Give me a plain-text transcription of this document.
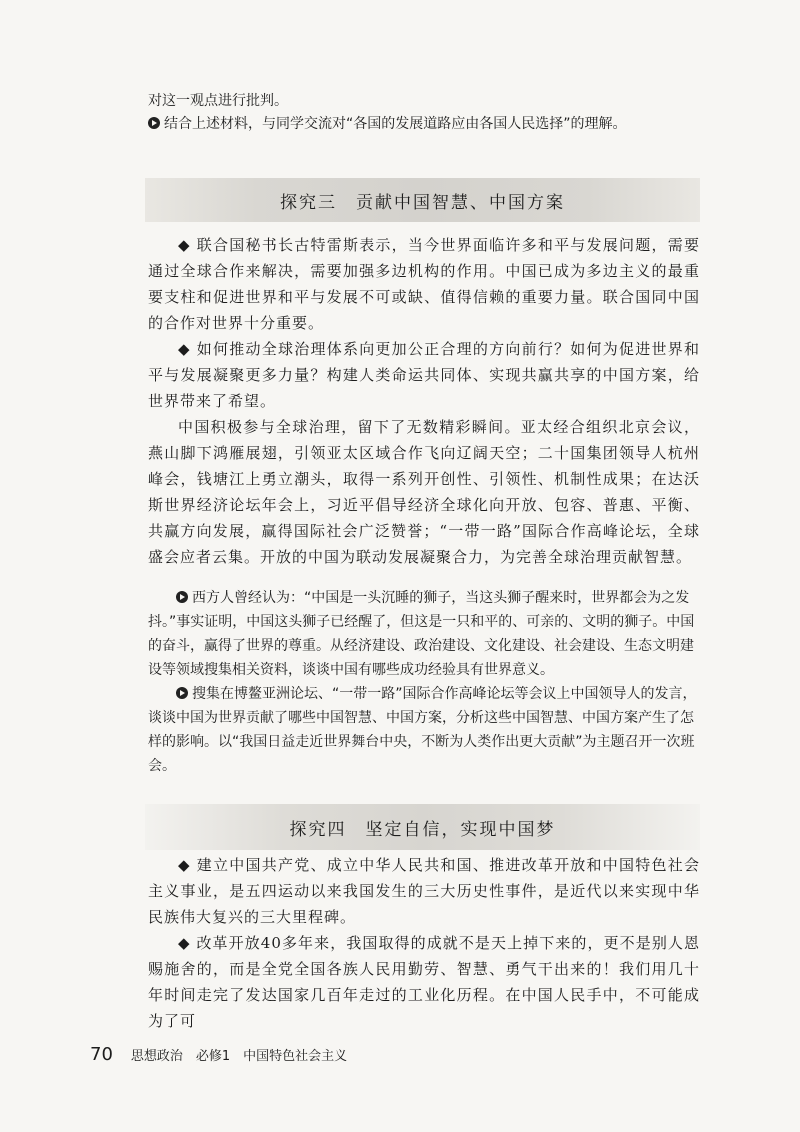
对这一观点进行批判。
结合上述材料，与同学交流对“各国的发展道路应由各国人民选择”的理解。
探究三　贡献中国智慧、中国方案

◆ 联合国秘书长古特雷斯表示，当今世界面临许多和平与发展问题，需要通过全球合作来解决，需要加强多边机构的作用。中国已成为多边主义的最重要支柱和促进世界和平与发展不可或缺、值得信赖的重要力量。联合国同中国的合作对世界十分重要。

◆ 如何推动全球治理体系向更加公正合理的方向前行？如何为促进世界和平与发展凝聚更多力量？构建人类命运共同体、实现共赢共享的中国方案，给世界带来了希望。

中国积极参与全球治理，留下了无数精彩瞬间。亚太经合组织北京会议，燕山脚下鸿雁展翅，引领亚太区域合作飞向辽阔天空；二十国集团领导人杭州峰会，钱塘江上勇立潮头，取得一系列开创性、引领性、机制性成果；在达沃斯世界经济论坛年会上，习近平倡导经济全球化向开放、包容、普惠、平衡、共赢方向发展，赢得国际社会广泛赞誉；“一带一路”国际合作高峰论坛，全球盛会应者云集。开放的中国为联动发展凝聚合力，为完善全球治理贡献智慧。

西方人曾经认为：“中国是一头沉睡的狮子，当这头狮子醒来时，世界都会为之发抖。”事实证明，中国这头狮子已经醒了，但这是一只和平的、可亲的、文明的狮子。中国的奋斗，赢得了世界的尊重。从经济建设、政治建设、文化建设、社会建设、生态文明建设等领域搜集相关资料，谈谈中国有哪些成功经验具有世界意义。

搜集在博鳌亚洲论坛、“一带一路”国际合作高峰论坛等会议上中国领导人的发言，谈谈中国为世界贡献了哪些中国智慧、中国方案，分析这些中国智慧、中国方案产生了怎样的影响。以“我国日益走近世界舞台中央，不断为人类作出更大贡献”为主题召开一次班会。

探究四　坚定自信，实现中国梦

◆ 建立中国共产党、成立中华人民共和国、推进改革开放和中国特色社会主义事业，是五四运动以来我国发生的三大历史性事件，是近代以来实现中华民族伟大复兴的三大里程碑。

◆ 改革开放40多年来，我国取得的成就不是天上掉下来的，更不是别人恩赐施舍的，而是全党全国各族人民用勤劳、智慧、勇气干出来的！我们用几十年时间走完了发达国家几百年走过的工业化历程。在中国人民手中，不可能成为了可

70 思想政治　必修1　中国特色社会主义
